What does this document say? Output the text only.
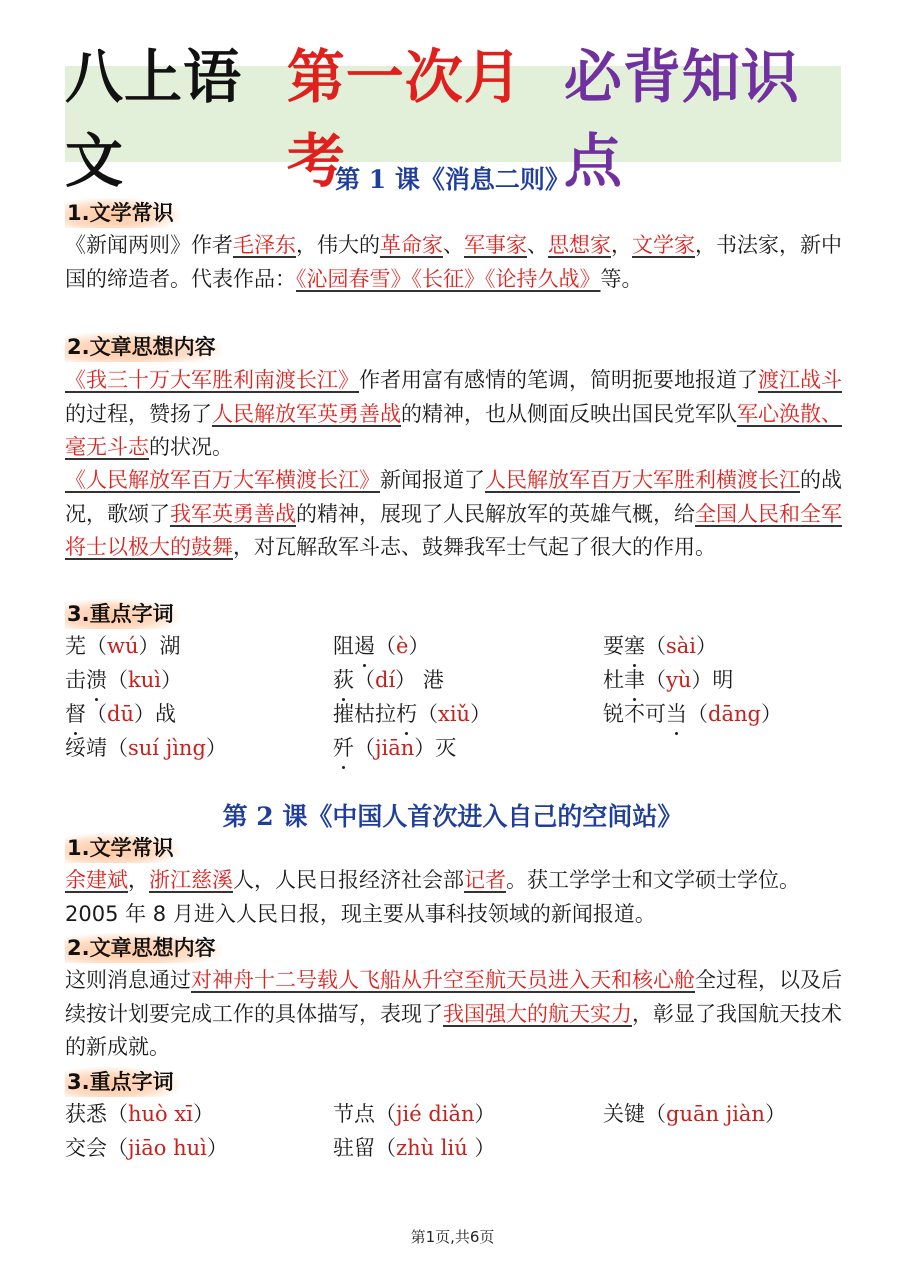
八上语文
第一次月考
必背知识点
第 1 课《消息二则》
1.文学常识
《新闻两则》作者毛泽东，伟大的革命家、军事家、思想家，文学家，书法家，新中国的缔造者。代表作品：《沁园春雪》《长征》《论持久战》等。
2.文章思想内容
《我三十万大军胜利南渡长江》作者用富有感情的笔调，简明扼要地报道了渡江战斗的过程，赞扬了人民解放军英勇善战的精神，也从侧面反映出国民党军队军心涣散、毫无斗志的状况。
《人民解放军百万大军横渡长江》新闻报道了人民解放军百万大军胜利横渡长江的战况，歌颂了我军英勇善战的精神，展现了人民解放军的英雄气概，给全国人民和全军将士以极大的鼓舞，对瓦解敌军斗志、鼓舞我军士气起了很大的作用。
3.重点字词
芜（wú）湖	阻遏（è）	要塞（sài）
击溃（kuì）	荻（dí） 港	杜聿（yù）明
督（dū）战	摧枯拉朽（xiǔ）	锐不可当（dāng）
绥靖（suí jìng）	歼（jiān）灭
第 2 课《中国人首次进入自己的空间站》
1.文学常识
余建斌，浙江慈溪人，人民日报经济社会部记者。获工学学士和文学硕士学位。2005 年 8 月进入人民日报，现主要从事科技领域的新闻报道。
2.文章思想内容
这则消息通过对神舟十二号载人飞船从升空至航天员进入天和核心舱全过程，以及后续按计划要完成工作的具体描写，表现了我国强大的航天实力，彰显了我国航天技术的新成就。
3.重点字词
获悉（huò xī）	节点（jié diǎn）	关键（guān jiàn）
交会（jiāo huì）	驻留（zhù liú ）
第1页,共6页
